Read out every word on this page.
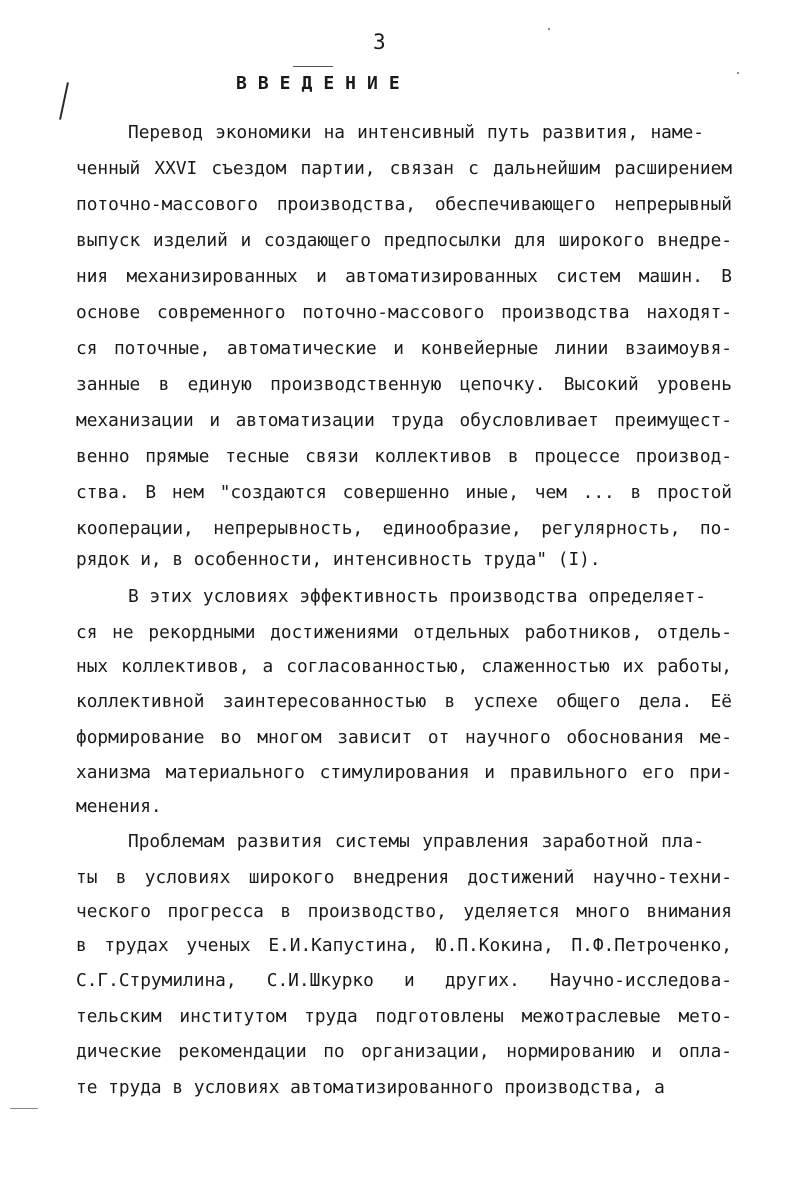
3
ВВЕДЕНИЕ
Перевод экономики на интенсивный путь развития, наме-
ченный XXVI съездом партии, связан с дальнейшим расширением
поточно-массового производства, обеспечивающего непрерывный
выпуск изделий и создающего предпосылки для широкого внедре-
ния механизированных и автоматизированных систем машин. В
основе современного поточно-массового производства находят-
ся поточные, автоматические и конвейерные линии взаимоувя-
занные в единую производственную цепочку. Высокий уровень
механизации и автоматизации труда обусловливает преимущест-
венно прямые тесные связи коллективов в процессе производ-
ства. В нем "создаются совершенно иные, чем ... в простой
кооперации, непрерывность, единообразие, регулярность, по-
рядок и, в особенности, интенсивность труда" (I).
В этих условиях эффективность производства определяет-
ся не рекордными достижениями отдельных работников, отдель-
ных коллективов, а согласованностью, слаженностью их работы,
коллективной заинтересованностью в успехе общего дела. Её
формирование во многом зависит от научного обоснования ме-
ханизма материального стимулирования и правильного его при-
менения.
Проблемам развития системы управления заработной пла-
ты в условиях широкого внедрения достижений научно-техни-
ческого прогресса в производство, уделяется много внимания
в трудах ученых Е.И.Капустина, Ю.П.Кокина, П.Ф.Петроченко,
С.Г.Струмилина, С.И.Шкурко и других. Научно-исследова-
тельским институтом труда подготовлены межотраслевые мето-
дические рекомендации по организации, нормированию и опла-
те труда в условиях автоматизированного производства, а
